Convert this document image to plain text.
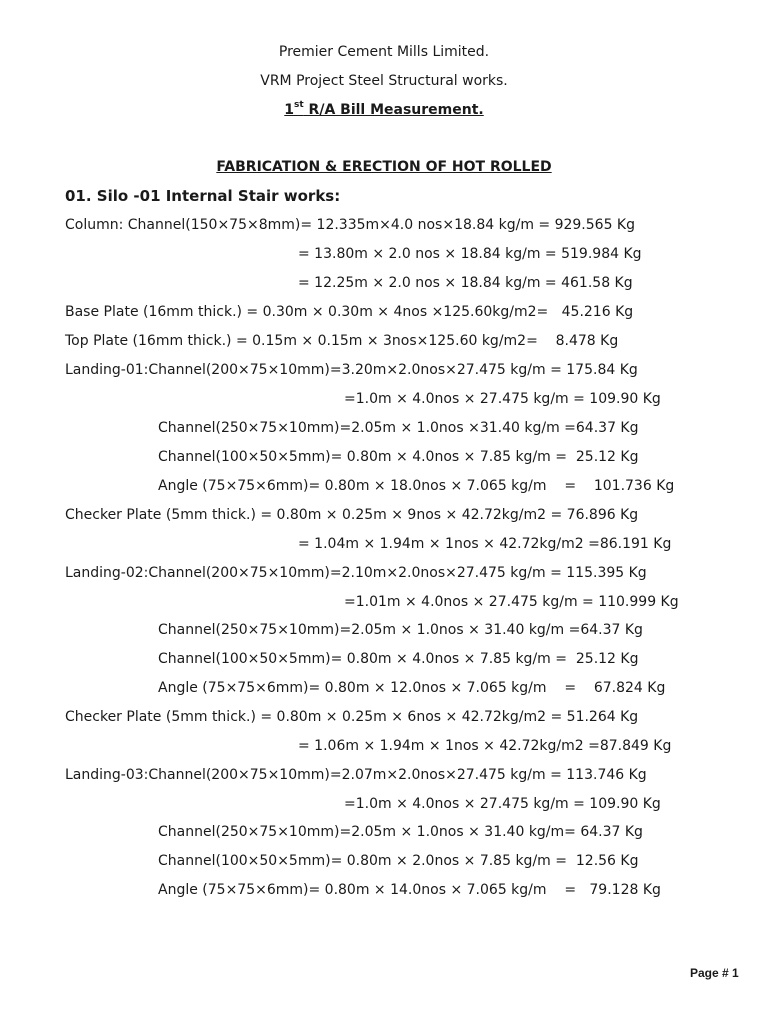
Premier Cement Mills Limited.
VRM Project Steel Structural works.
1st R/A Bill Measurement.
FABRICATION & ERECTION OF HOT ROLLED
01. Silo -01 Internal Stair works:
Column: Channel(150×75×8mm)= 12.335m×4.0 nos×18.84 kg/m = 929.565 Kg
= 13.80m × 2.0 nos × 18.84 kg/m = 519.984 Kg
= 12.25m × 2.0 nos × 18.84 kg/m = 461.58 Kg
Base Plate (16mm thick.) = 0.30m × 0.30m × 4nos ×125.60kg/m2=   45.216 Kg
Top Plate (16mm thick.) = 0.15m × 0.15m × 3nos×125.60 kg/m2=    8.478 Kg
Landing-01:Channel(200×75×10mm)=3.20m×2.0nos×27.475 kg/m = 175.84 Kg
=1.0m × 4.0nos × 27.475 kg/m = 109.90 Kg
Channel(250×75×10mm)=2.05m × 1.0nos ×31.40 kg/m =64.37 Kg
Channel(100×50×5mm)= 0.80m × 4.0nos × 7.85 kg/m =  25.12 Kg
Angle (75×75×6mm)= 0.80m × 18.0nos × 7.065 kg/m    =    101.736 Kg
Checker Plate (5mm thick.) = 0.80m × 0.25m × 9nos × 42.72kg/m2 = 76.896 Kg
= 1.04m × 1.94m × 1nos × 42.72kg/m2 =86.191 Kg
Landing-02:Channel(200×75×10mm)=2.10m×2.0nos×27.475 kg/m = 115.395 Kg
=1.01m × 4.0nos × 27.475 kg/m = 110.999 Kg
Channel(250×75×10mm)=2.05m × 1.0nos × 31.40 kg/m =64.37 Kg
Channel(100×50×5mm)= 0.80m × 4.0nos × 7.85 kg/m =  25.12 Kg
Angle (75×75×6mm)= 0.80m × 12.0nos × 7.065 kg/m    =    67.824 Kg
Checker Plate (5mm thick.) = 0.80m × 0.25m × 6nos × 42.72kg/m2 = 51.264 Kg
= 1.06m × 1.94m × 1nos × 42.72kg/m2 =87.849 Kg
Landing-03:Channel(200×75×10mm)=2.07m×2.0nos×27.475 kg/m = 113.746 Kg
=1.0m × 4.0nos × 27.475 kg/m = 109.90 Kg
Channel(250×75×10mm)=2.05m × 1.0nos × 31.40 kg/m= 64.37 Kg
Channel(100×50×5mm)= 0.80m × 2.0nos × 7.85 kg/m =  12.56 Kg
Angle (75×75×6mm)= 0.80m × 14.0nos × 7.065 kg/m    =   79.128 Kg
Page # 1
